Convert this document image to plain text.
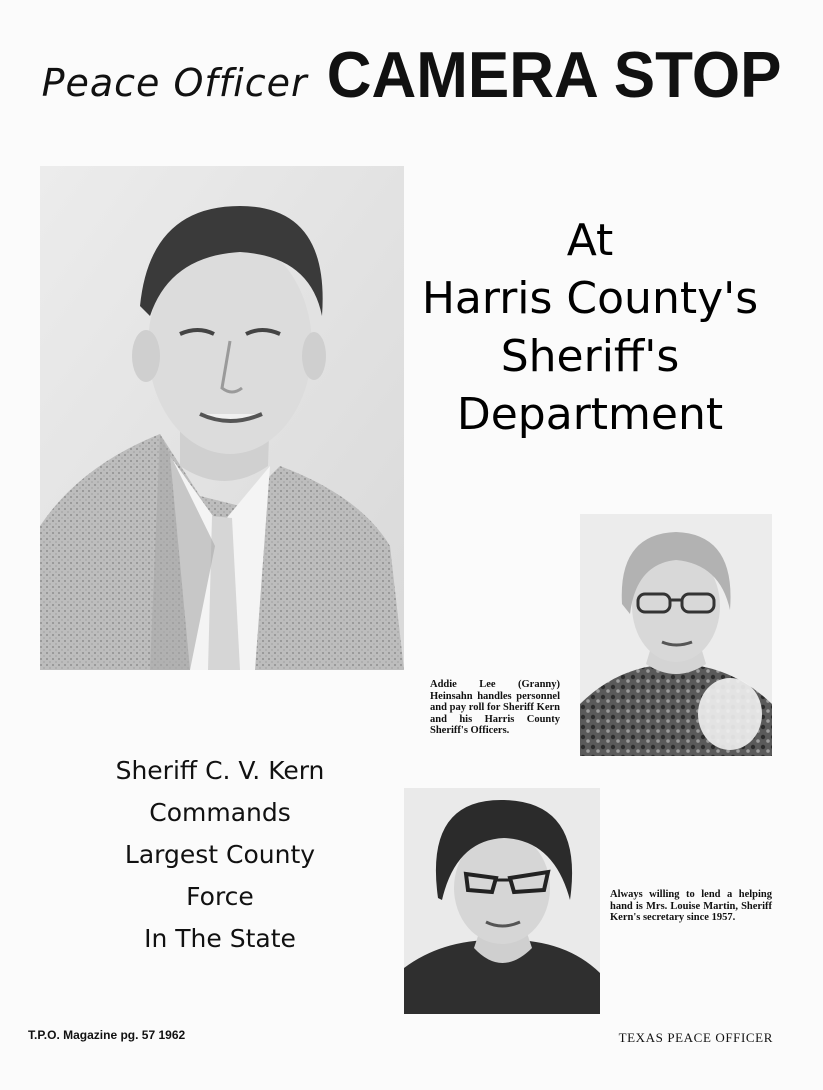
Peace Officer CAMERA STOP
At
Harris County's
Sheriff's
Department
Addie Lee (Granny) Heinsahn handles personnel and pay roll for Sheriff Kern and his Harris County Sheriff's Officers.
Always willing to lend a helping hand is Mrs. Louise Martin, Sheriff Kern's secretary since 1957.
Sheriff C. V. Kern
Commands
Largest County
Force
In The State
T.P.O. Magazine pg. 57 1962	TEXAS PEACE OFFICER
